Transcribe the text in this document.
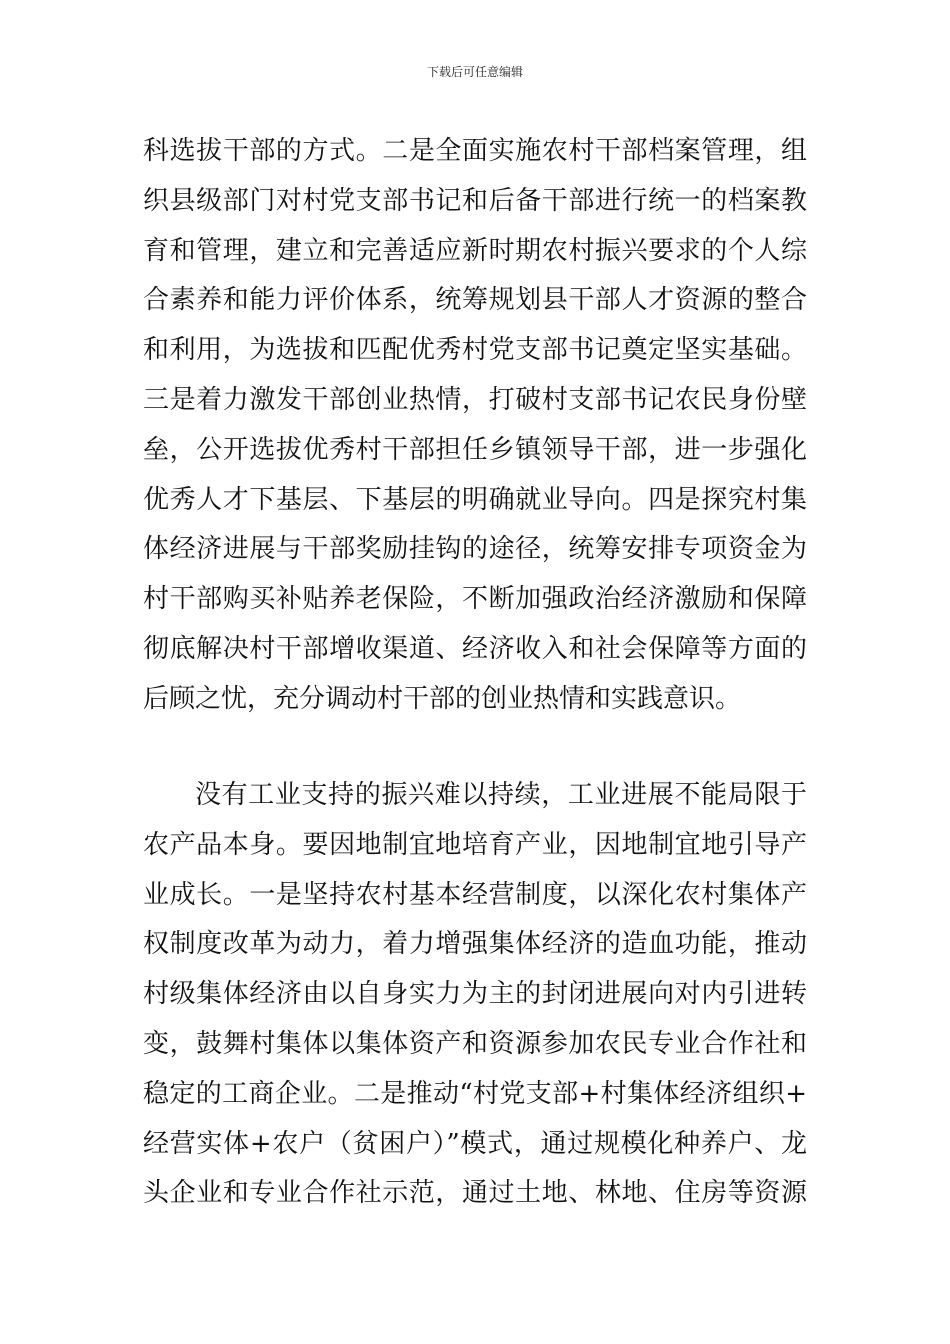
下载后可任意编辑
科选拔干部的方式。二是全面实施农村干部档案管理，组
织县级部门对村党支部书记和后备干部进行统一的档案教
育和管理，建立和完善适应新时期农村振兴要求的个人综
合素养和能力评价体系，统筹规划县干部人才资源的整合
和利用，为选拔和匹配优秀村党支部书记奠定坚实基础。
三是着力激发干部创业热情，打破村支部书记农民身份壁
垒，公开选拔优秀村干部担任乡镇领导干部，进一步强化
优秀人才下基层、下基层的明确就业导向。四是探究村集
体经济进展与干部奖励挂钩的途径，统筹安排专项资金为
村干部购买补贴养老保险，不断加强政治经济激励和保障
彻底解决村干部增收渠道、经济收入和社会保障等方面的
后顾之忧，充分调动村干部的创业热情和实践意识。
没有工业支持的振兴难以持续，工业进展不能局限于
农产品本身。要因地制宜地培育产业，因地制宜地引导产
业成长。一是坚持农村基本经营制度，以深化农村集体产
权制度改革为动力，着力增强集体经济的造血功能，推动
村级集体经济由以自身实力为主的封闭进展向对内引进转
变，鼓舞村集体以集体资产和资源参加农民专业合作社和
稳定的工商企业。二是推动“村党支部+村集体经济组织+
经营实体+农户（贫困户）”模式，通过规模化种养户、龙
头企业和专业合作社示范，通过土地、林地、住房等资源
